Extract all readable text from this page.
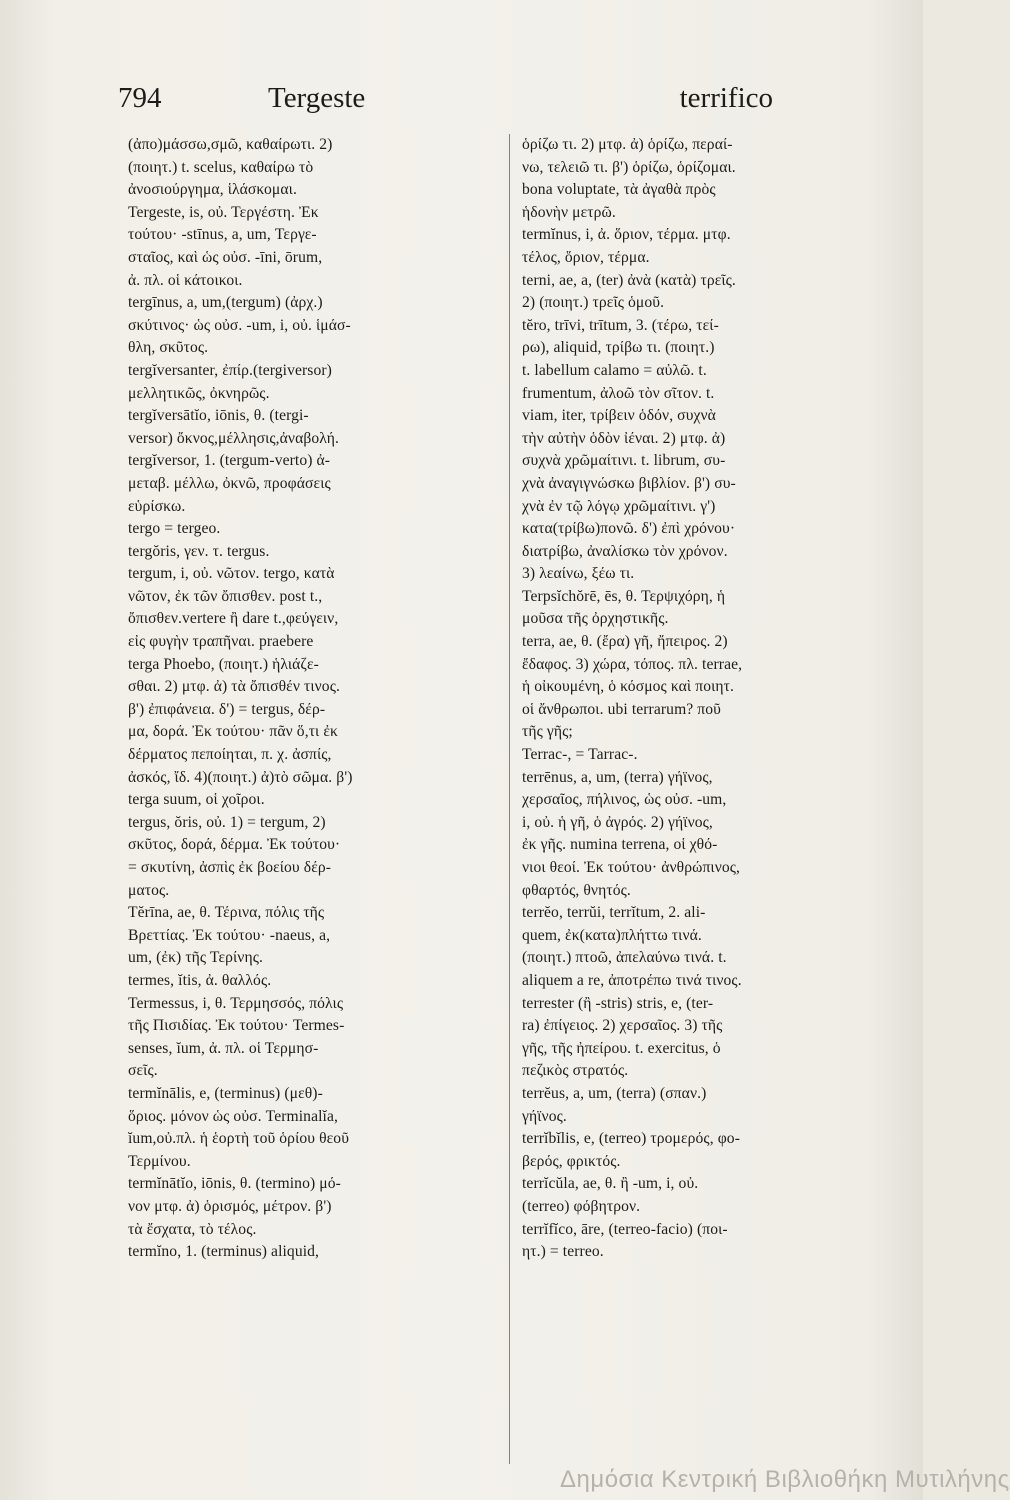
794	Tergeste	terrifico
(ἀπο)μάσσω,σμῶ, καθαίρωτι. 2)
(ποιητ.) t. scelus, καθαίρω τὸ
ἀνοσιούργημα, ἱλάσκομαι.
Tergeste, is, οὐ. Τεργέστη. Ἐκ
τούτου· -stīnus, a, um, Τεργε-
σταῖος, καὶ ὡς οὐσ. -īni, ōrum,
ἀ. πλ. οἱ κάτοικοι.
tergīnus, a, um,(tergum) (ἀρχ.)
σκύτινος· ὡς οὐσ. -um, i, οὐ. ἱμάσ-
θλη, σκῦτος.
tergĭversanter, ἐπίρ.(tergiversor)
μελλητικῶς, ὀκνηρῶς.
tergĭversātĭo, iōnis, θ. (tergi-
versor) ὄκνος,μέλλησις,ἀναβολή.
tergĭversor, 1. (tergum-verto) ἀ-
μεταβ. μέλλω, ὀκνῶ, προφάσεις
εὑρίσκω.
tergo = tergeo.
tergŏris, γεν. τ. tergus.
tergum, i, οὐ. νῶτον. tergo, κατὰ
νῶτον, ἐκ τῶν ὄπισθεν. post t.,
ὄπισθεν.vertere ἢ dare t.,φεύγειν,
εἰς φυγὴν τραπῆναι. praebere
terga Phoebo, (ποιητ.) ἡλιάζε-
σθαι. 2) μτφ. ἀ) τὰ ὄπισθέν τινος.
β') ἐπιφάνεια. δ') = tergus, δέρ-
μα, δορά. Ἐκ τούτου· πᾶν ὅ,τι ἐκ
δέρματος πεποίηται, π. χ. ἀσπίς,
ἀσκός, ἴδ. 4)(ποιητ.) ἀ)τὸ σῶμα. β')
terga suum, οἱ χοῖροι.
tergus, ŏris, οὐ. 1) = tergum, 2)
σκῦτος, δορά, δέρμα. Ἐκ τούτου·
= σκυτίνη, ἀσπὶς ἐκ βοείου δέρ-
ματος.
Tĕrīna, ae, θ. Τέρινα, πόλις τῆς
Βρεττίας. Ἐκ τούτου· -naeus, a,
um, (ἐκ) τῆς Τερίνης.
termes, ĭtis, ἀ. θαλλός.
Termessus, i, θ. Τερμησσός, πόλις
τῆς Πισιδίας. Ἐκ τούτου· Termes-
senses, ĭum, ἀ. πλ. οἱ Τερμησ-
σεῖς.
termĭnālis, e, (terminus) (μεθ)-
ὅριος. μόνον ὡς οὐσ. Terminalĭa,
ĭum,οὐ.πλ. ἡ ἑορτὴ τοῦ ὁρίου θεοῦ
Τερμίνου.
termĭnātĭo, iōnis, θ. (termino) μό-
νον μτφ. ἀ) ὁρισμός, μέτρον. β')
τὰ ἔσχατα, τὸ τέλος.
termĭno, 1. (terminus) aliquid,
ὁρίζω τι. 2) μτφ. ἀ) ὁρίζω, περαί-
νω, τελειῶ τι. β') ὁρίζω, ὁρίζομαι.
bona voluptate, τὰ ἀγαθὰ πρὸς
ἡδονὴν μετρῶ.
termĭnus, i, ἀ. ὅριον, τέρμα. μτφ.
τέλος, ὅριον, τέρμα.
terni, ae, a, (ter) ἀνὰ (κατὰ) τρεῖς.
2) (ποιητ.) τρεῖς ὁμοῦ.
tĕro, trīvi, trītum, 3. (τέρω, τεί-
ρω), aliquid, τρίβω τι. (ποιητ.)
t. labellum calamo = αὐλῶ. t.
frumentum, ἀλοῶ τὸν σῖτον. t.
viam, iter, τρίβειν ὁδόν, συχνὰ
τὴν αὐτὴν ὁδὸν ἰέναι. 2) μτφ. ἀ)
συχνὰ χρῶμαίτινι. t. librum, συ-
χνὰ ἀναγιγνώσκω βιβλίον. β') συ-
χνὰ ἐν τῷ λόγῳ χρῶμαίτινι. γ')
κατα(τρίβω)πονῶ. δ') ἐπὶ χρόνου·
διατρίβω, ἀναλίσκω τὸν χρόνον.
3) λεαίνω, ξέω τι.
Terpsĭchŏrē, ēs, θ. Τερψιχόρη, ἡ
μοῦσα τῆς ὀρχηστικῆς.
terra, ae, θ. (ἔρα) γῆ, ἤπειρος. 2)
ἔδαφος. 3) χώρα, τόπος. πλ. terrae,
ἡ οἰκουμένη, ὁ κόσμος καὶ ποιητ.
οἱ ἄνθρωποι. ubi terrarum? ποῦ
τῆς γῆς;
Terrac-, = Tarrac-.
terrēnus, a, um, (terra) γήϊνος,
χερσαῖος, πήλινος, ὡς οὐσ. -um,
i, οὐ. ἡ γῆ, ὁ ἀγρός. 2) γήϊνος,
ἐκ γῆς. numina terrena, οἱ χθό-
νιοι θεοί. Ἐκ τούτου· ἀνθρώπινος,
φθαρτός, θνητός.
terrĕo, terrŭi, terrĭtum, 2. ali-
quem, ἐκ(κατα)πλήττω τινά.
(ποιητ.) πτοῶ, ἀπελαύνω τινά. t.
aliquem a re, ἀποτρέπω τινά τινος.
terrester (ἢ -stris) stris, e, (ter-
ra) ἐπίγειος. 2) χερσαῖος. 3) τῆς
γῆς, τῆς ἠπείρου. t. exercitus, ὁ
πεζικὸς στρατός.
terrĕus, a, um, (terra) (σπαν.)
γήϊνος.
terrĭbĭlis, e, (terreo) τρομερός, φο-
βερός, φρικτός.
terrĭcŭla, ae, θ. ἢ -um, i, οὐ.
(terreo) φόβητρον.
terrĭfĭco, āre, (terreo-facio) (ποι-
ητ.) = terreo.
Δημόσια Κεντρική Βιβλιοθήκη Μυτιλήνης
